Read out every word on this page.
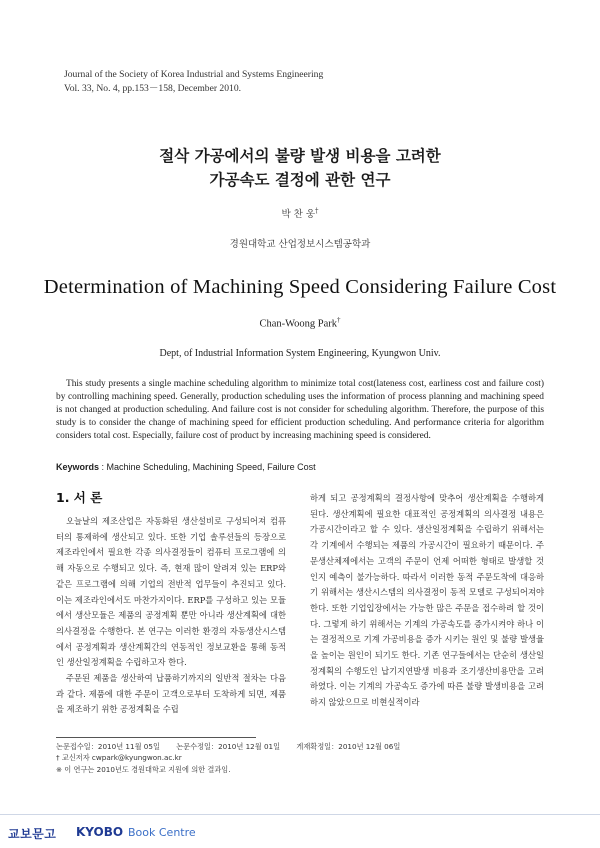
Journal of the Society of Korea Industrial and Systems Engineering
Vol. 33, No. 4, pp.153－158, December 2010.
절삭 가공에서의 불량 발생 비용을 고려한
가공속도 결정에 관한 연구
박 찬 웅†
경원대학교 산업정보시스템공학과
Determination of Machining Speed Considering Failure Cost
Chan-Woong Park†
Dept, of Industrial Information System Engineering, Kyungwon Univ.
This study presents a single machine scheduling algorithm to minimize total cost(lateness cost, earliness cost and failure cost) by controlling machining speed. Generally, production scheduling uses the information of process planning and machining speed is not changed at production scheduling. And failure cost is not consider for scheduling algorithm. Therefore, the purpose of this study is to consider the change of machining speed for efficient production scheduling. And performance criteria for algorithm considers total cost. Especially, failure cost of product by increasing machining speed is considered.
Keywords : Machine Scheduling, Machining Speed, Failure Cost
1. 서 론

오늘날의 제조산업은 자동화된 생산설비로 구성되어져 컴퓨터의 통제하에 생산되고 있다. 또한 기업 솔루션들의 등장으로 제조라인에서 필요한 각종 의사결정들이 컴퓨터 프로그램에 의해 자동으로 수행되고 있다. 즉, 현재 많이 알려져 있는 ERP와 같은 프로그램에 의해 기업의 전반적 업무들이 추진되고 있다. 이는 제조라인에서도 마찬가지이다. ERP를 구성하고 있는 모듈에서 생산모듈은 제품의 공정계획 뿐만 아니라 생산계획에 대한 의사결정을 수행한다. 본 연구는 이러한 환경의 자동생산시스템에서 공정계획과 생산계획간의 연동적인 정보교환을 통해 동적인 생산일정계획을 수립하고자 한다.

주문된 제품을 생산하여 납품하기까지의 일반적 절차는 다음과 같다. 제품에 대한 주문이 고객으로부터 도착하게 되면, 제품을 제조하기 위한 공정계획을 수립

하게 되고 공정계획의 결정사항에 맞추어 생산계획을 수행하게 된다. 생산계획에 필요한 대표적인 공정계획의 의사결정 내용은 가공시간이라고 할 수 있다. 생산일정계획을 수립하기 위해서는 각 기계에서 수행되는 제품의 가공시간이 필요하기 때문이다. 주문생산체제에서는 고객의 주문이 언제 어떠한 형태로 발생할 것인지 예측이 불가능하다. 따라서 이러한 동적 주문도착에 대응하기 위해서는 생산시스템의 의사결정이 동적 모델로 구성되어져야 한다. 또한 기업입장에서는 가능한 많은 주문을 접수하려 할 것이다. 그렇게 하기 위해서는 기계의 가공속도를 증가시켜야 하나 이는 결정적으로 기계 가공비용을 증가 시키는 원인 및 불량 발생율을 높이는 원인이 되기도 한다. 기존 연구들에서는 단순히 생산일정계획의 수행도인 납기지연발생 비용과 조기생산비용만을 고려하였다. 이는 기계의 가공속도 증가에 따른 불량 발생비용을 고려하지 않았으므로 비현실적이라

논문접수일：2010년 11월 05일 논문수정일：2010년 12월 01일 게재확정일：2010년 12월 06일
† 교신저자 cwpark@kyungwon.ac.kr
※ 이 연구는 2010년도 경원대학교 지원에 의한 결과임.
교보문고 KYOBO Book Centre
